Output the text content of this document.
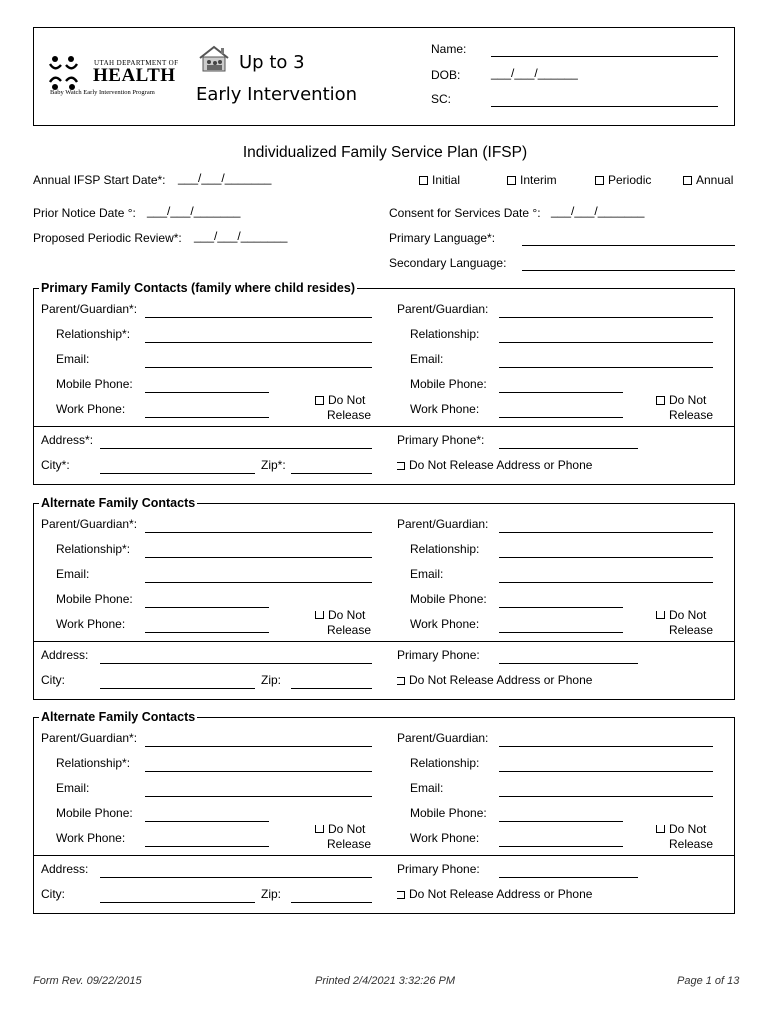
UTAH DEPARTMENT OF
HEALTH
Baby Watch Early Intervention Program
Up to 3
Early Intervention
Name:
DOB:	___/___/______
SC:
Individualized Family Service Plan (IFSP)
Annual IFSP Start Date*: ___/___/_______	Initial	Interim	Periodic	Annual
Prior Notice Date °: ___/___/_______	Consent for Services Date °: ___/___/_______
Proposed Periodic Review*: ___/___/_______	Primary Language*:
Secondary Language:
Primary Family Contacts (family where child resides)
Parent/Guardian*:
Relationship*:
Email:
Mobile Phone:
Work Phone:
Do Not
Release
Parent/Guardian:
Relationship:
Email:
Mobile Phone:
Work Phone:
Do Not
Release
Address*:
City*:	Zip*:
Primary Phone*:
Do Not Release Address or Phone
Alternate Family Contacts
Parent/Guardian*:
Relationship*:
Email:
Mobile Phone:
Work Phone:
Do Not
Release
Parent/Guardian:
Relationship:
Email:
Mobile Phone:
Work Phone:
Do Not
Release
Address:
City:	Zip:
Primary Phone:
Do Not Release Address or Phone
Alternate Family Contacts
Parent/Guardian*:
Relationship*:
Email:
Mobile Phone:
Work Phone:
Do Not
Release
Parent/Guardian:
Relationship:
Email:
Mobile Phone:
Work Phone:
Do Not
Release
Address:
City:	Zip:
Primary Phone:
Do Not Release Address or Phone
Form Rev. 09/22/2015	Printed 2/4/2021 3:32:26 PM	Page 1 of 13
